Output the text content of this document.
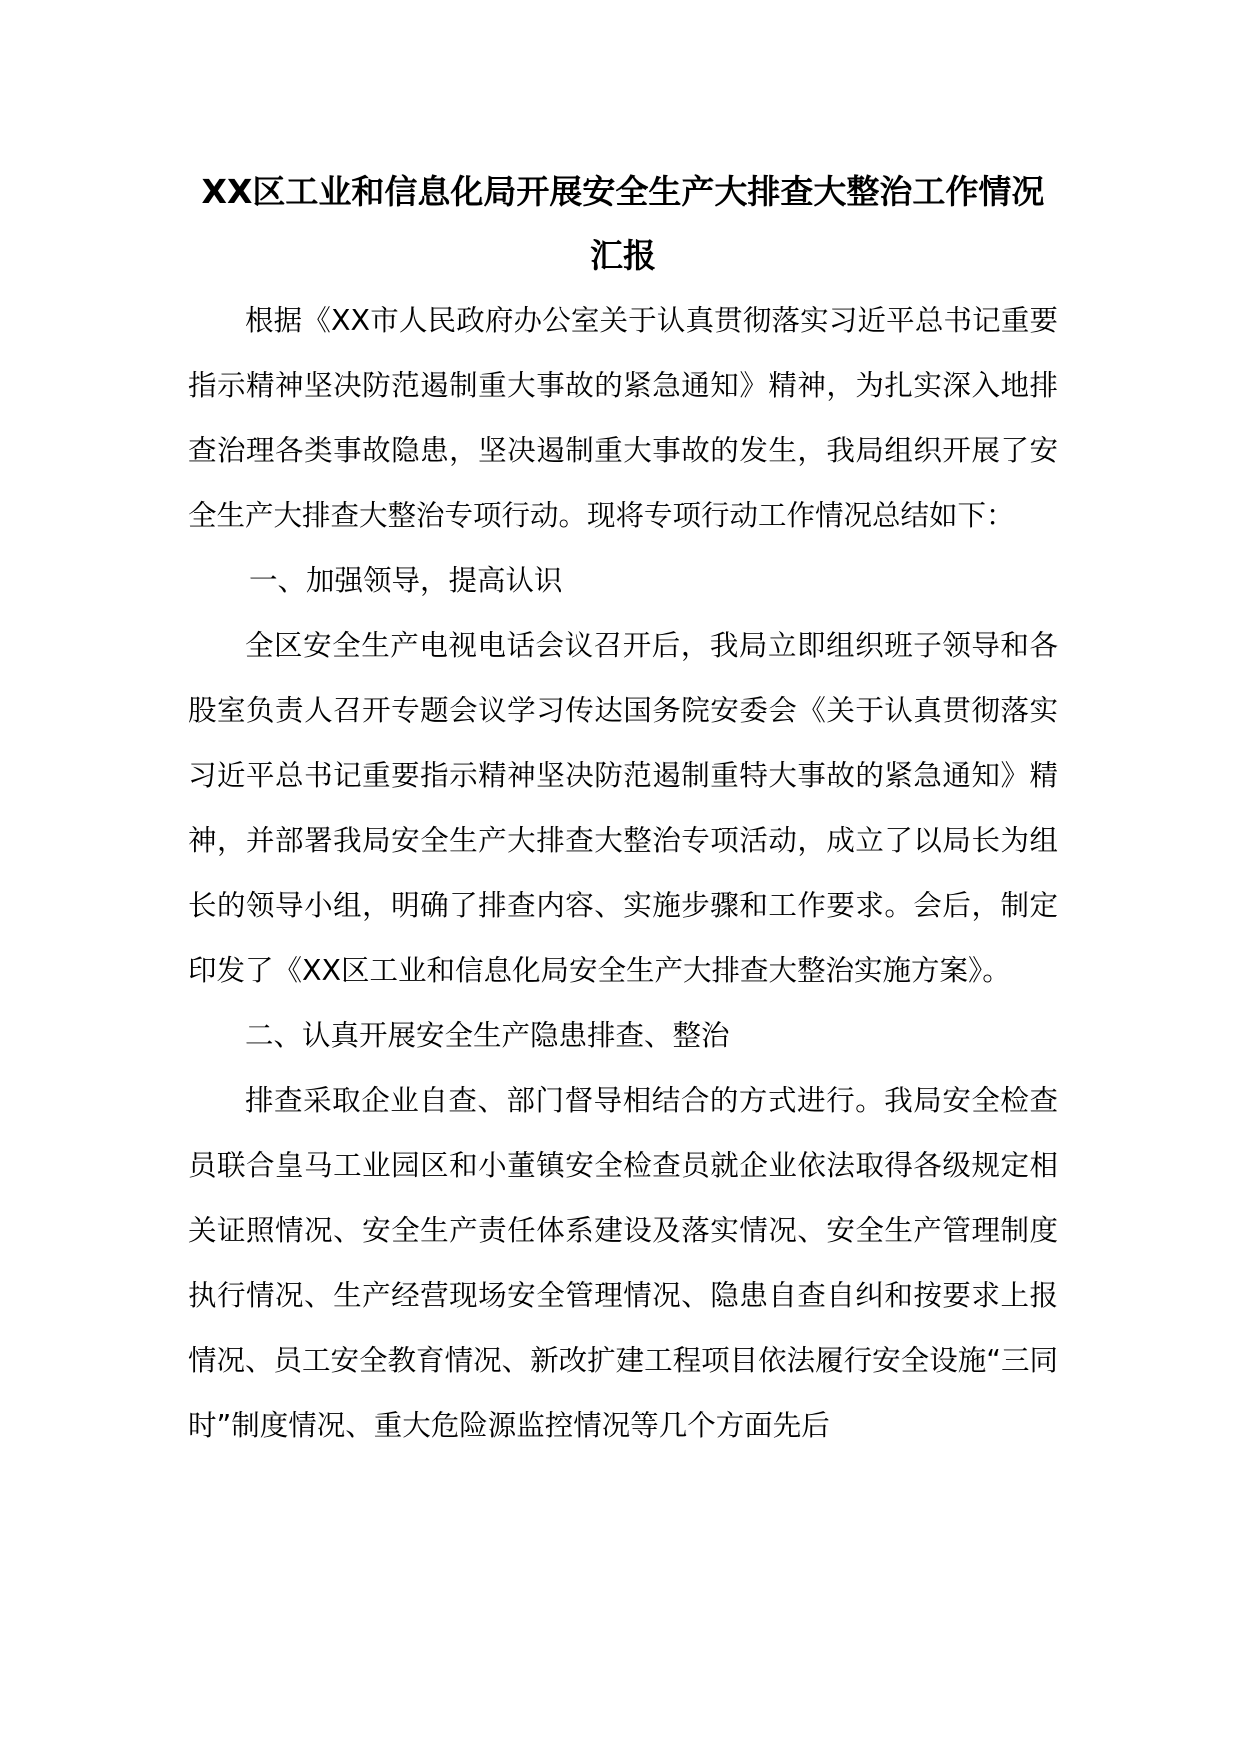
XX区工业和信息化局开展安全生产大排查大整治工作情况
汇报

根据《XX市人民政府办公室关于认真贯彻落实习近平总书记重要指示精神坚决防范遏制重大事故的紧急通知》精神，为扎实深入地排查治理各类事故隐患，坚决遏制重大事故的发生，我局组织开展了安全生产大排查大整治专项行动。现将专项行动工作情况总结如下：

一、加强领导，提高认识

全区安全生产电视电话会议召开后，我局立即组织班子领导和各股室负责人召开专题会议学习传达国务院安委会《关于认真贯彻落实习近平总书记重要指示精神坚决防范遏制重特大事故的紧急通知》精神，并部署我局安全生产大排查大整治专项活动，成立了以局长为组长的领导小组，明确了排查内容、实施步骤和工作要求。会后，制定印发了《XX区工业和信息化局安全生产大排查大整治实施方案》。

二、认真开展安全生产隐患排查、整治

排查采取企业自查、部门督导相结合的方式进行。我局安全检查员联合皇马工业园区和小董镇安全检查员就企业依法取得各级规定相关证照情况、安全生产责任体系建设及落实情况、安全生产管理制度执行情况、生产经营现场安全管理情况、隐患自查自纠和按要求上报情况、员工安全教育情况、新改扩建工程项目依法履行安全设施“三同时”制度情况、重大危险源监控情况等几个方面先后
